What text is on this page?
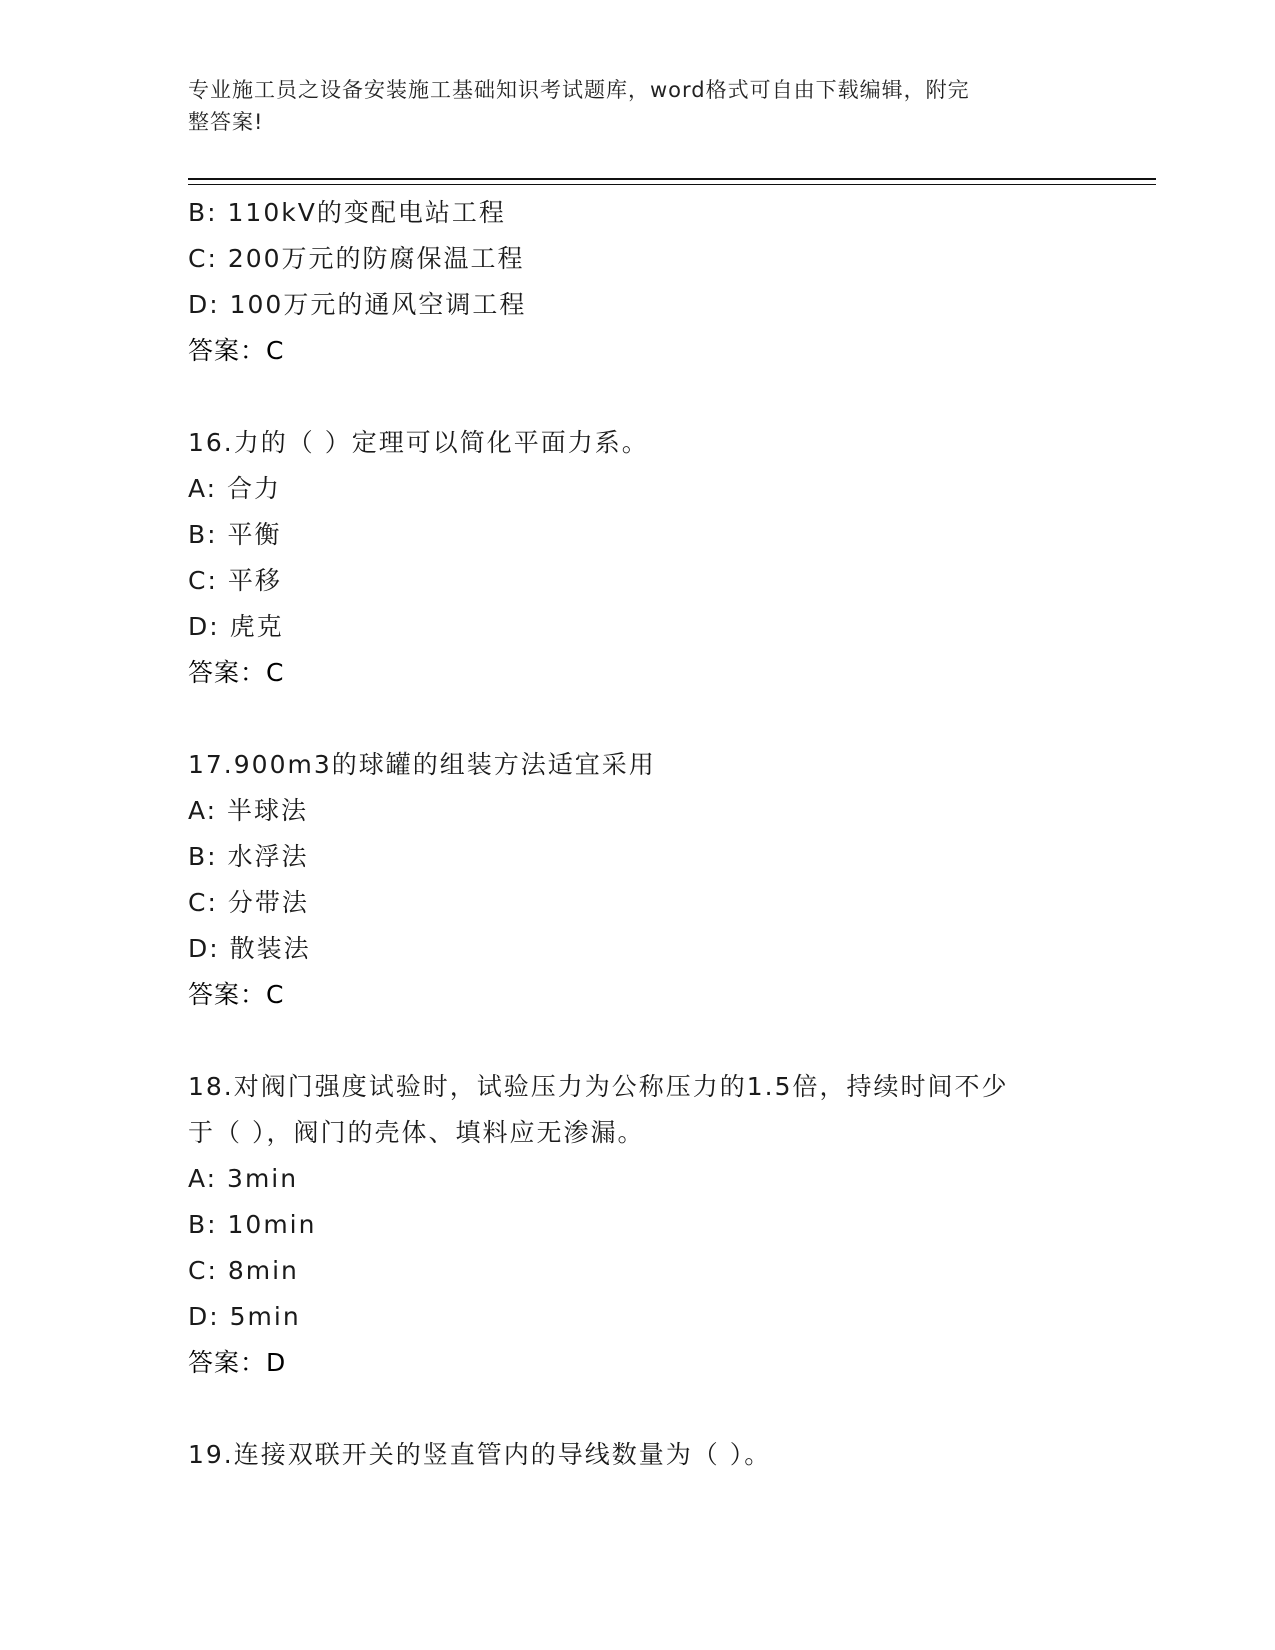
专业施工员之设备安装施工基础知识考试题库，word格式可自由下载编辑，附完
整答案!
B: 110kV的变配电站工程
C: 200万元的防腐保温工程
D: 100万元的通风空调工程
答案：C
16.力的（ ）定理可以简化平面力系。
A: 合力
B: 平衡
C: 平移
D: 虎克
答案：C
17.900m3的球罐的组装方法适宜采用
A: 半球法
B: 水浮法
C: 分带法
D: 散装法
答案：C
18.对阀门强度试验时，试验压力为公称压力的1.5倍，持续时间不少
于（ ），阀门的壳体、填料应无渗漏。
A: 3min
B: 10min
C: 8min
D: 5min
答案：D
19.连接双联开关的竖直管内的导线数量为（ ）。
